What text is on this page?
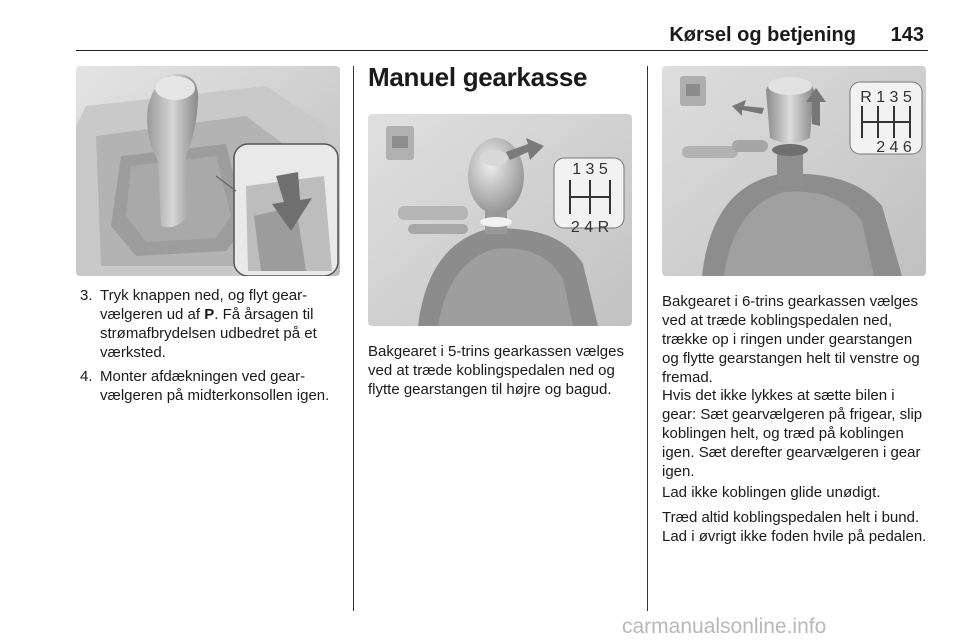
Kørsel og betjening 143
3. Tryk knappen ned, og flyt gearvælgeren ud af P. Få årsagen til strømafbrydelsen udbedret på et værksted.
4. Monter afdækningen ved gearvælgeren på midterkonsollen igen.
Manuel gearkasse
1 3 5
2 4 R

Bakgearet i 5-trins gearkassen vælges ved at træde koblingspedalen ned og flytte gearstangen til højre og bagud.

R 1 3 5
2 4 6

Bakgearet i 6-trins gearkassen vælges ved at træde koblingspedalen ned, trække op i ringen under gearstangen og flytte gearstangen helt til venstre og fremad.

Hvis det ikke lykkes at sætte bilen i gear: Sæt gearvælgeren på frigear, slip koblingen helt, og træd på koblingen igen. Sæt derefter gearvælgeren i gear igen.

Lad ikke koblingen glide unødigt.

Træd altid koblingspedalen helt i bund. Lad i øvrigt ikke foden hvile på pedalen.

carmanualsonline.info
